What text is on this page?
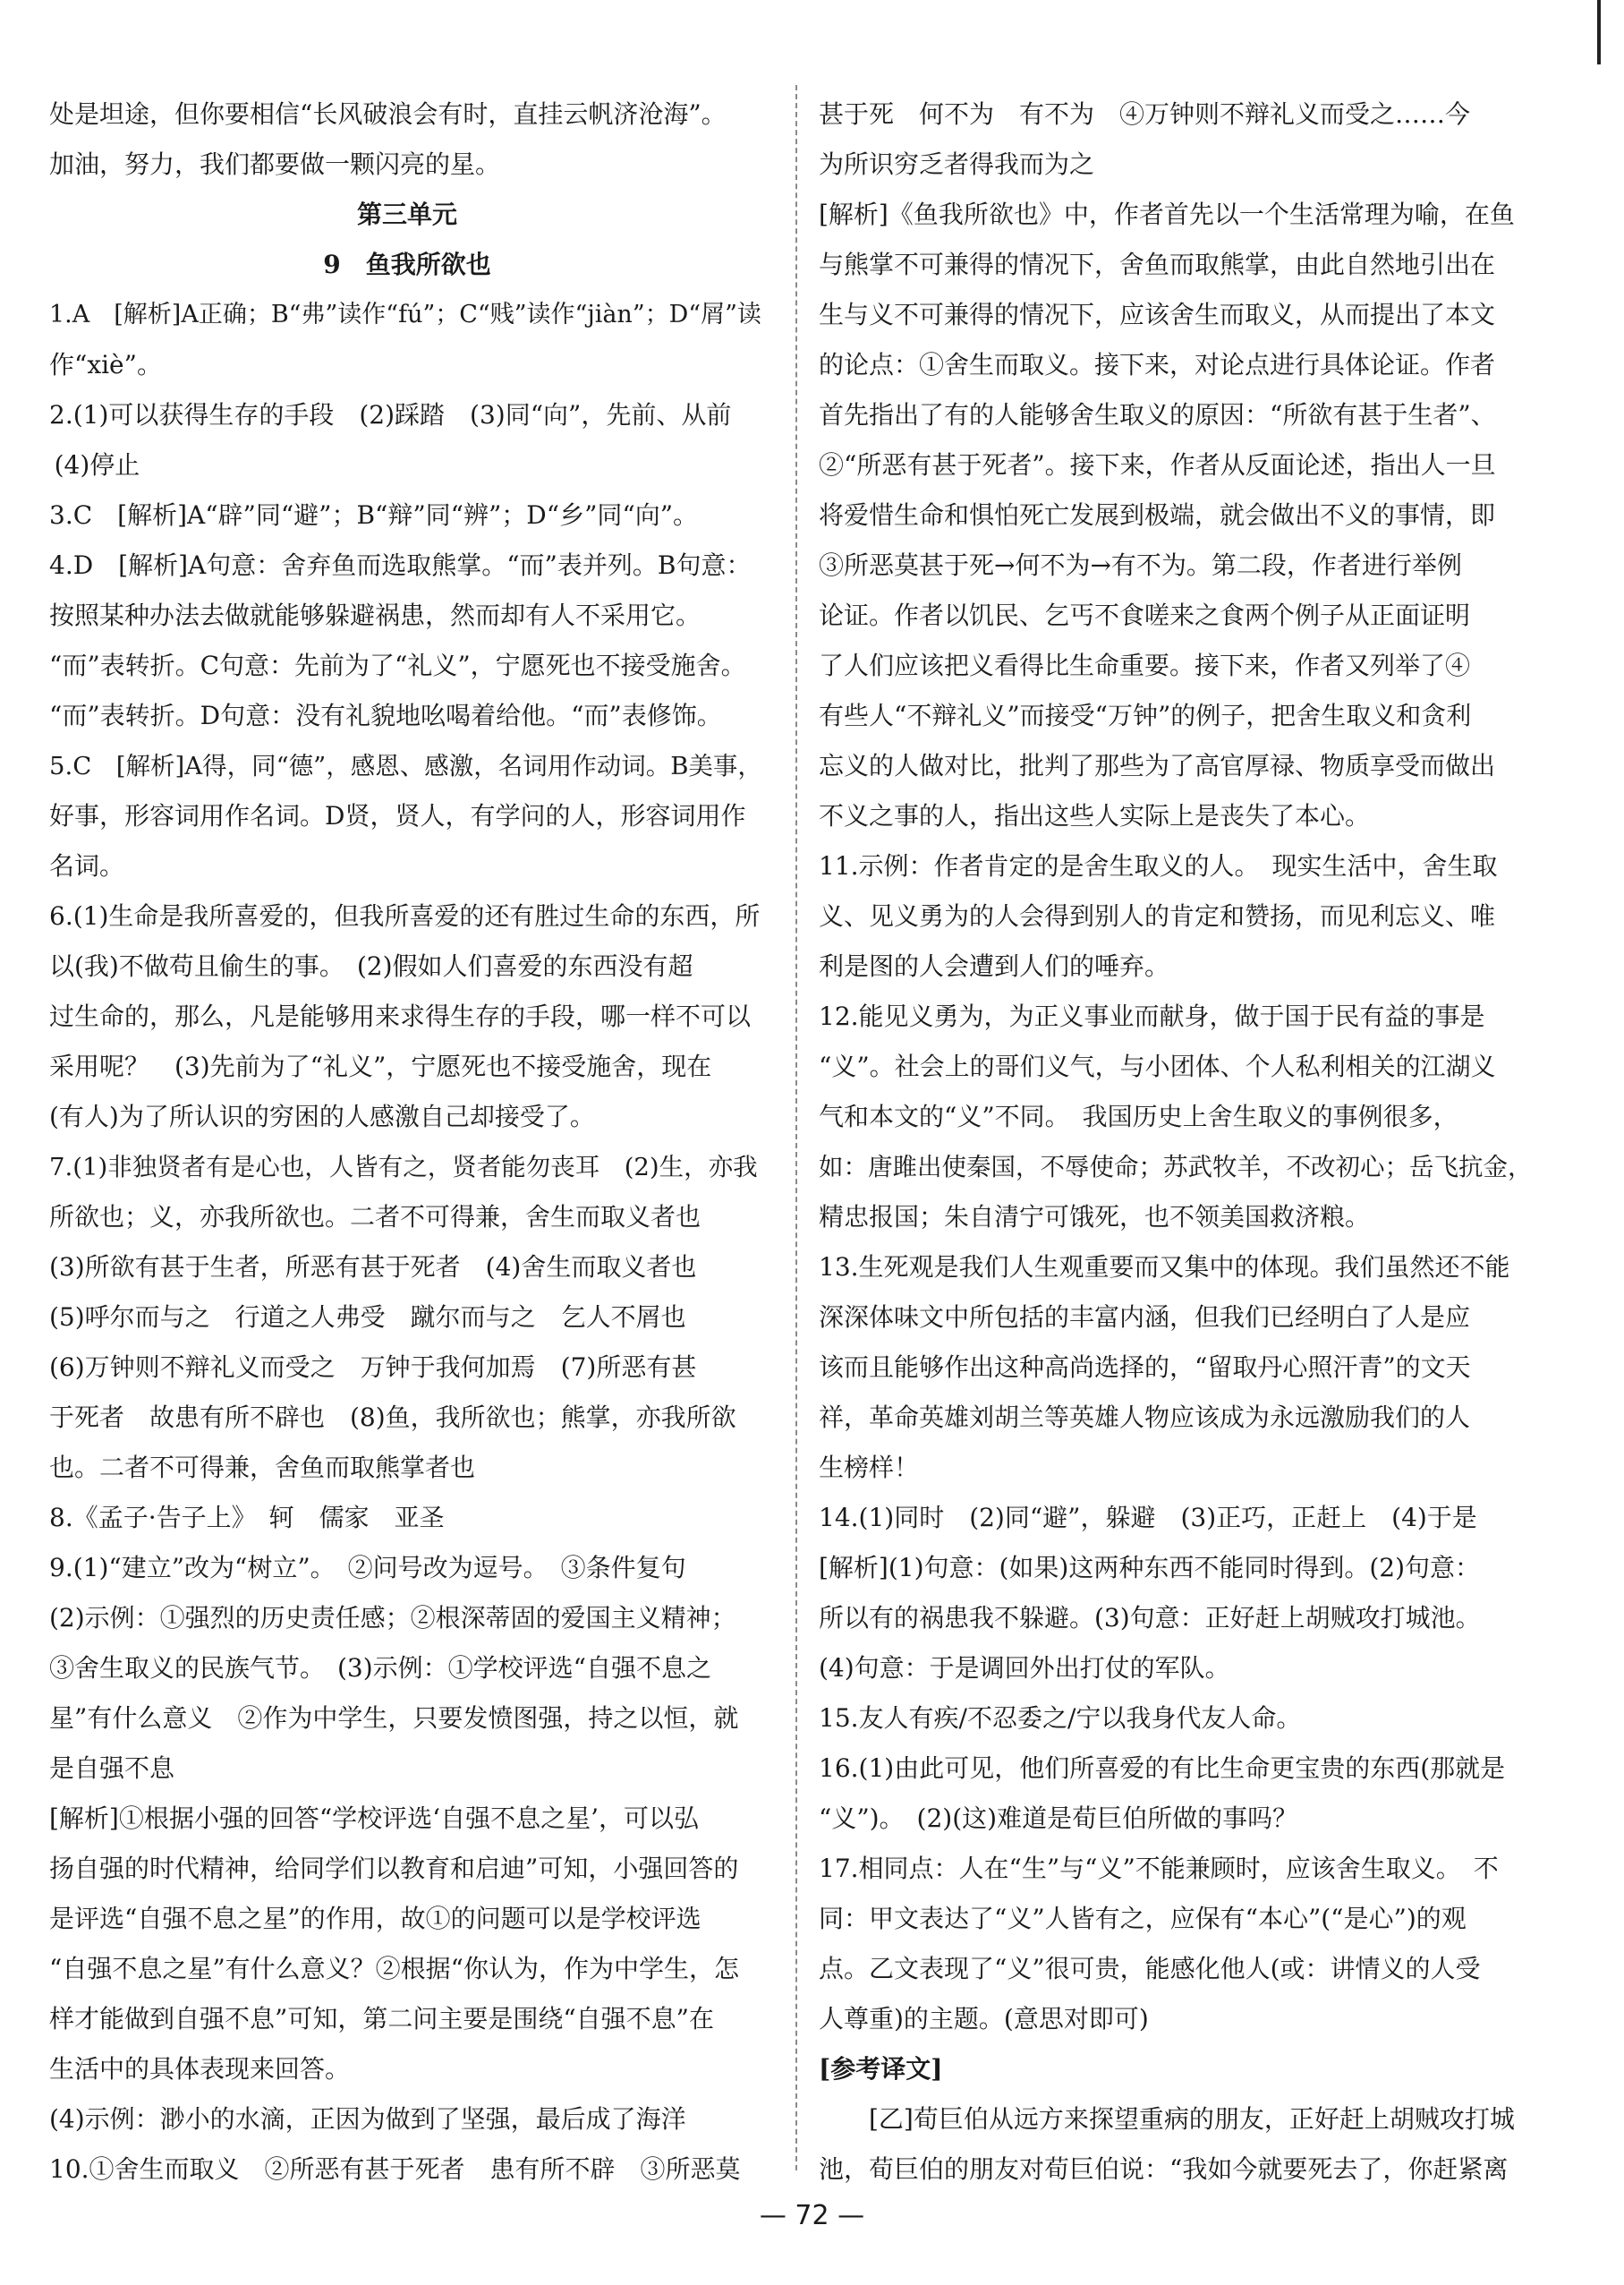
处是坦途，但你要相信“长风破浪会有时，直挂云帆济沧海”。

加油，努力，我们都要做一颗闪亮的星。

第三单元

9　鱼我所欲也

1.A　[解析]A正确；B“弗”读作“fú”；C“贱”读作“jiàn”；D“屑”读

作“xiè”。

2.(1)可以获得生存的手段　(2)踩踏　(3)同“向”，先前、从前

(4)停止

3.C　[解析]A“辟”同“避”；B“辩”同“辨”；D“乡”同“向”。

4.D　[解析]A句意：舍弃鱼而选取熊掌。“而”表并列。B句意：

按照某种办法去做就能够躲避祸患，然而却有人不采用它。

“而”表转折。C句意：先前为了“礼义”，宁愿死也不接受施舍。

“而”表转折。D句意：没有礼貌地吆喝着给他。“而”表修饰。

5.C　[解析]A得，同“德”，感恩、感激，名词用作动词。B美事，

好事，形容词用作名词。D贤，贤人，有学问的人，形容词用作

名词。

6.(1)生命是我所喜爱的，但我所喜爱的还有胜过生命的东西，所

以(我)不做苟且偷生的事。　(2)假如人们喜爱的东西没有超

过生命的，那么，凡是能够用来求得生存的手段，哪一样不可以

采用呢？　(3)先前为了“礼义”，宁愿死也不接受施舍，现在

(有人)为了所认识的穷困的人感激自己却接受了。

7.(1)非独贤者有是心也，人皆有之，贤者能勿丧耳　(2)生，亦我

所欲也；义，亦我所欲也。二者不可得兼，舍生而取义者也

(3)所欲有甚于生者，所恶有甚于死者　(4)舍生而取义者也

(5)呼尔而与之　行道之人弗受　蹴尔而与之　乞人不屑也

(6)万钟则不辩礼义而受之　万钟于我何加焉　(7)所恶有甚

于死者　故患有所不辟也　(8)鱼，我所欲也；熊掌，亦我所欲

也。二者不可得兼，舍鱼而取熊掌者也

8.《孟子·告子上》　轲　儒家　亚圣

9.(1)“建立”改为“树立”。　②问号改为逗号。　③条件复句

(2)示例：①强烈的历史责任感；②根深蒂固的爱国主义精神；

③舍生取义的民族气节。　(3)示例：①学校评选“自强不息之

星”有什么意义　②作为中学生，只要发愤图强，持之以恒，就

是自强不息

[解析]①根据小强的回答“学校评选‘自强不息之星’，可以弘

扬自强的时代精神，给同学们以教育和启迪”可知，小强回答的

是评选“自强不息之星”的作用，故①的问题可以是学校评选

“自强不息之星”有什么意义？②根据“你认为，作为中学生，怎

样才能做到自强不息”可知，第二问主要是围绕“自强不息”在

生活中的具体表现来回答。

(4)示例：渺小的水滴，正因为做到了坚强，最后成了海洋

10.①舍生而取义　②所恶有甚于死者　患有所不辟　③所恶莫

甚于死　何不为　有不为　④万钟则不辩礼义而受之……今

为所识穷乏者得我而为之

[解析]《鱼我所欲也》中，作者首先以一个生活常理为喻，在鱼

与熊掌不可兼得的情况下，舍鱼而取熊掌，由此自然地引出在

生与义不可兼得的情况下，应该舍生而取义，从而提出了本文

的论点：①舍生而取义。接下来，对论点进行具体论证。作者

首先指出了有的人能够舍生取义的原因：“所欲有甚于生者”、

②“所恶有甚于死者”。接下来，作者从反面论述，指出人一旦

将爱惜生命和惧怕死亡发展到极端，就会做出不义的事情，即

③所恶莫甚于死→何不为→有不为。第二段，作者进行举例

论证。作者以饥民、乞丐不食嗟来之食两个例子从正面证明

了人们应该把义看得比生命重要。接下来，作者又列举了④

有些人“不辩礼义”而接受“万钟”的例子，把舍生取义和贪利

忘义的人做对比，批判了那些为了高官厚禄、物质享受而做出

不义之事的人，指出这些人实际上是丧失了本心。

11.示例：作者肯定的是舍生取义的人。　现实生活中，舍生取

义、见义勇为的人会得到别人的肯定和赞扬，而见利忘义、唯

利是图的人会遭到人们的唾弃。

12.能见义勇为，为正义事业而献身，做于国于民有益的事是

“义”。社会上的哥们义气，与小团体、个人私利相关的江湖义

气和本文的“义”不同。　我国历史上舍生取义的事例很多，

如：唐雎出使秦国，不辱使命；苏武牧羊，不改初心；岳飞抗金，

精忠报国；朱自清宁可饿死，也不领美国救济粮。

13.生死观是我们人生观重要而又集中的体现。我们虽然还不能

深深体味文中所包括的丰富内涵，但我们已经明白了人是应

该而且能够作出这种高尚选择的，“留取丹心照汗青”的文天

祥，革命英雄刘胡兰等英雄人物应该成为永远激励我们的人

生榜样！

14.(1)同时　(2)同“避”，躲避　(3)正巧，正赶上　(4)于是

[解析](1)句意：(如果)这两种东西不能同时得到。(2)句意：

所以有的祸患我不躲避。(3)句意：正好赶上胡贼攻打城池。

(4)句意：于是调回外出打仗的军队。

15.友人有疾/不忍委之/宁以我身代友人命。

16.(1)由此可见，他们所喜爱的有比生命更宝贵的东西(那就是

“义”)。　(2)(这)难道是荀巨伯所做的事吗？

17.相同点：人在“生”与“义”不能兼顾时，应该舍生取义。　不

同：甲文表达了“义”人皆有之，应保有“本心”(“是心”)的观

点。乙文表现了“义”很可贵，能感化他人(或：讲情义的人受

人尊重)的主题。(意思对即可)

[参考译文]

　　[乙]荀巨伯从远方来探望重病的朋友，正好赶上胡贼攻打城

池，荀巨伯的朋友对荀巨伯说：“我如今就要死去了，你赶紧离

— 72 —
